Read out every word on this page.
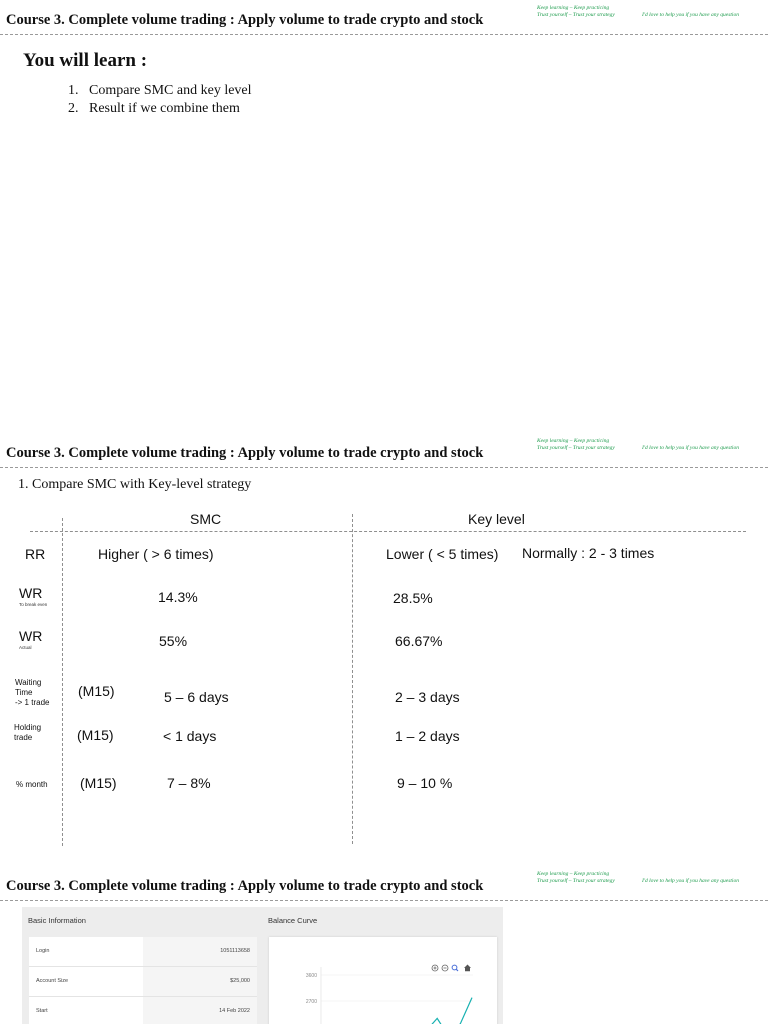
Course 3. Complete volume trading : Apply volume to trade crypto and stock
Keep learning – Keep practicing
Trust yourself – Trust your strategy	I'd love to help you if you have any question
You will learn :
1. Compare SMC and key level
2. Result if we combine them
Course 3. Complete volume trading : Apply volume to trade crypto and stock
Keep learning – Keep practicing
Trust yourself – Trust your strategy	I'd love to help you if you have any question
1. Compare SMC with Key-level strategy
SMC	Key level
RR	Higher ( > 6 times)	Lower ( < 5 times) Normally : 2 - 3 times
WR
To break even	14.3%	28.5%
WR
Actual	55%	66.67%
Waiting
Time
-> 1 trade
(M15)	5 – 6 days	2 – 3 days
Holding
trade	(M15)	< 1 days	1 – 2 days
% month (M15)	7 – 8%	9 – 10 %
Course 3. Complete volume trading : Apply volume to trade crypto and stock
Keep learning – Keep practicing
Trust yourself – Trust your strategy	I'd love to help you if you have any question
Basic Information	Balance Curve
Login	1051113658
Account Size	$25,000
Start	14 Feb 2022
3600
2700
